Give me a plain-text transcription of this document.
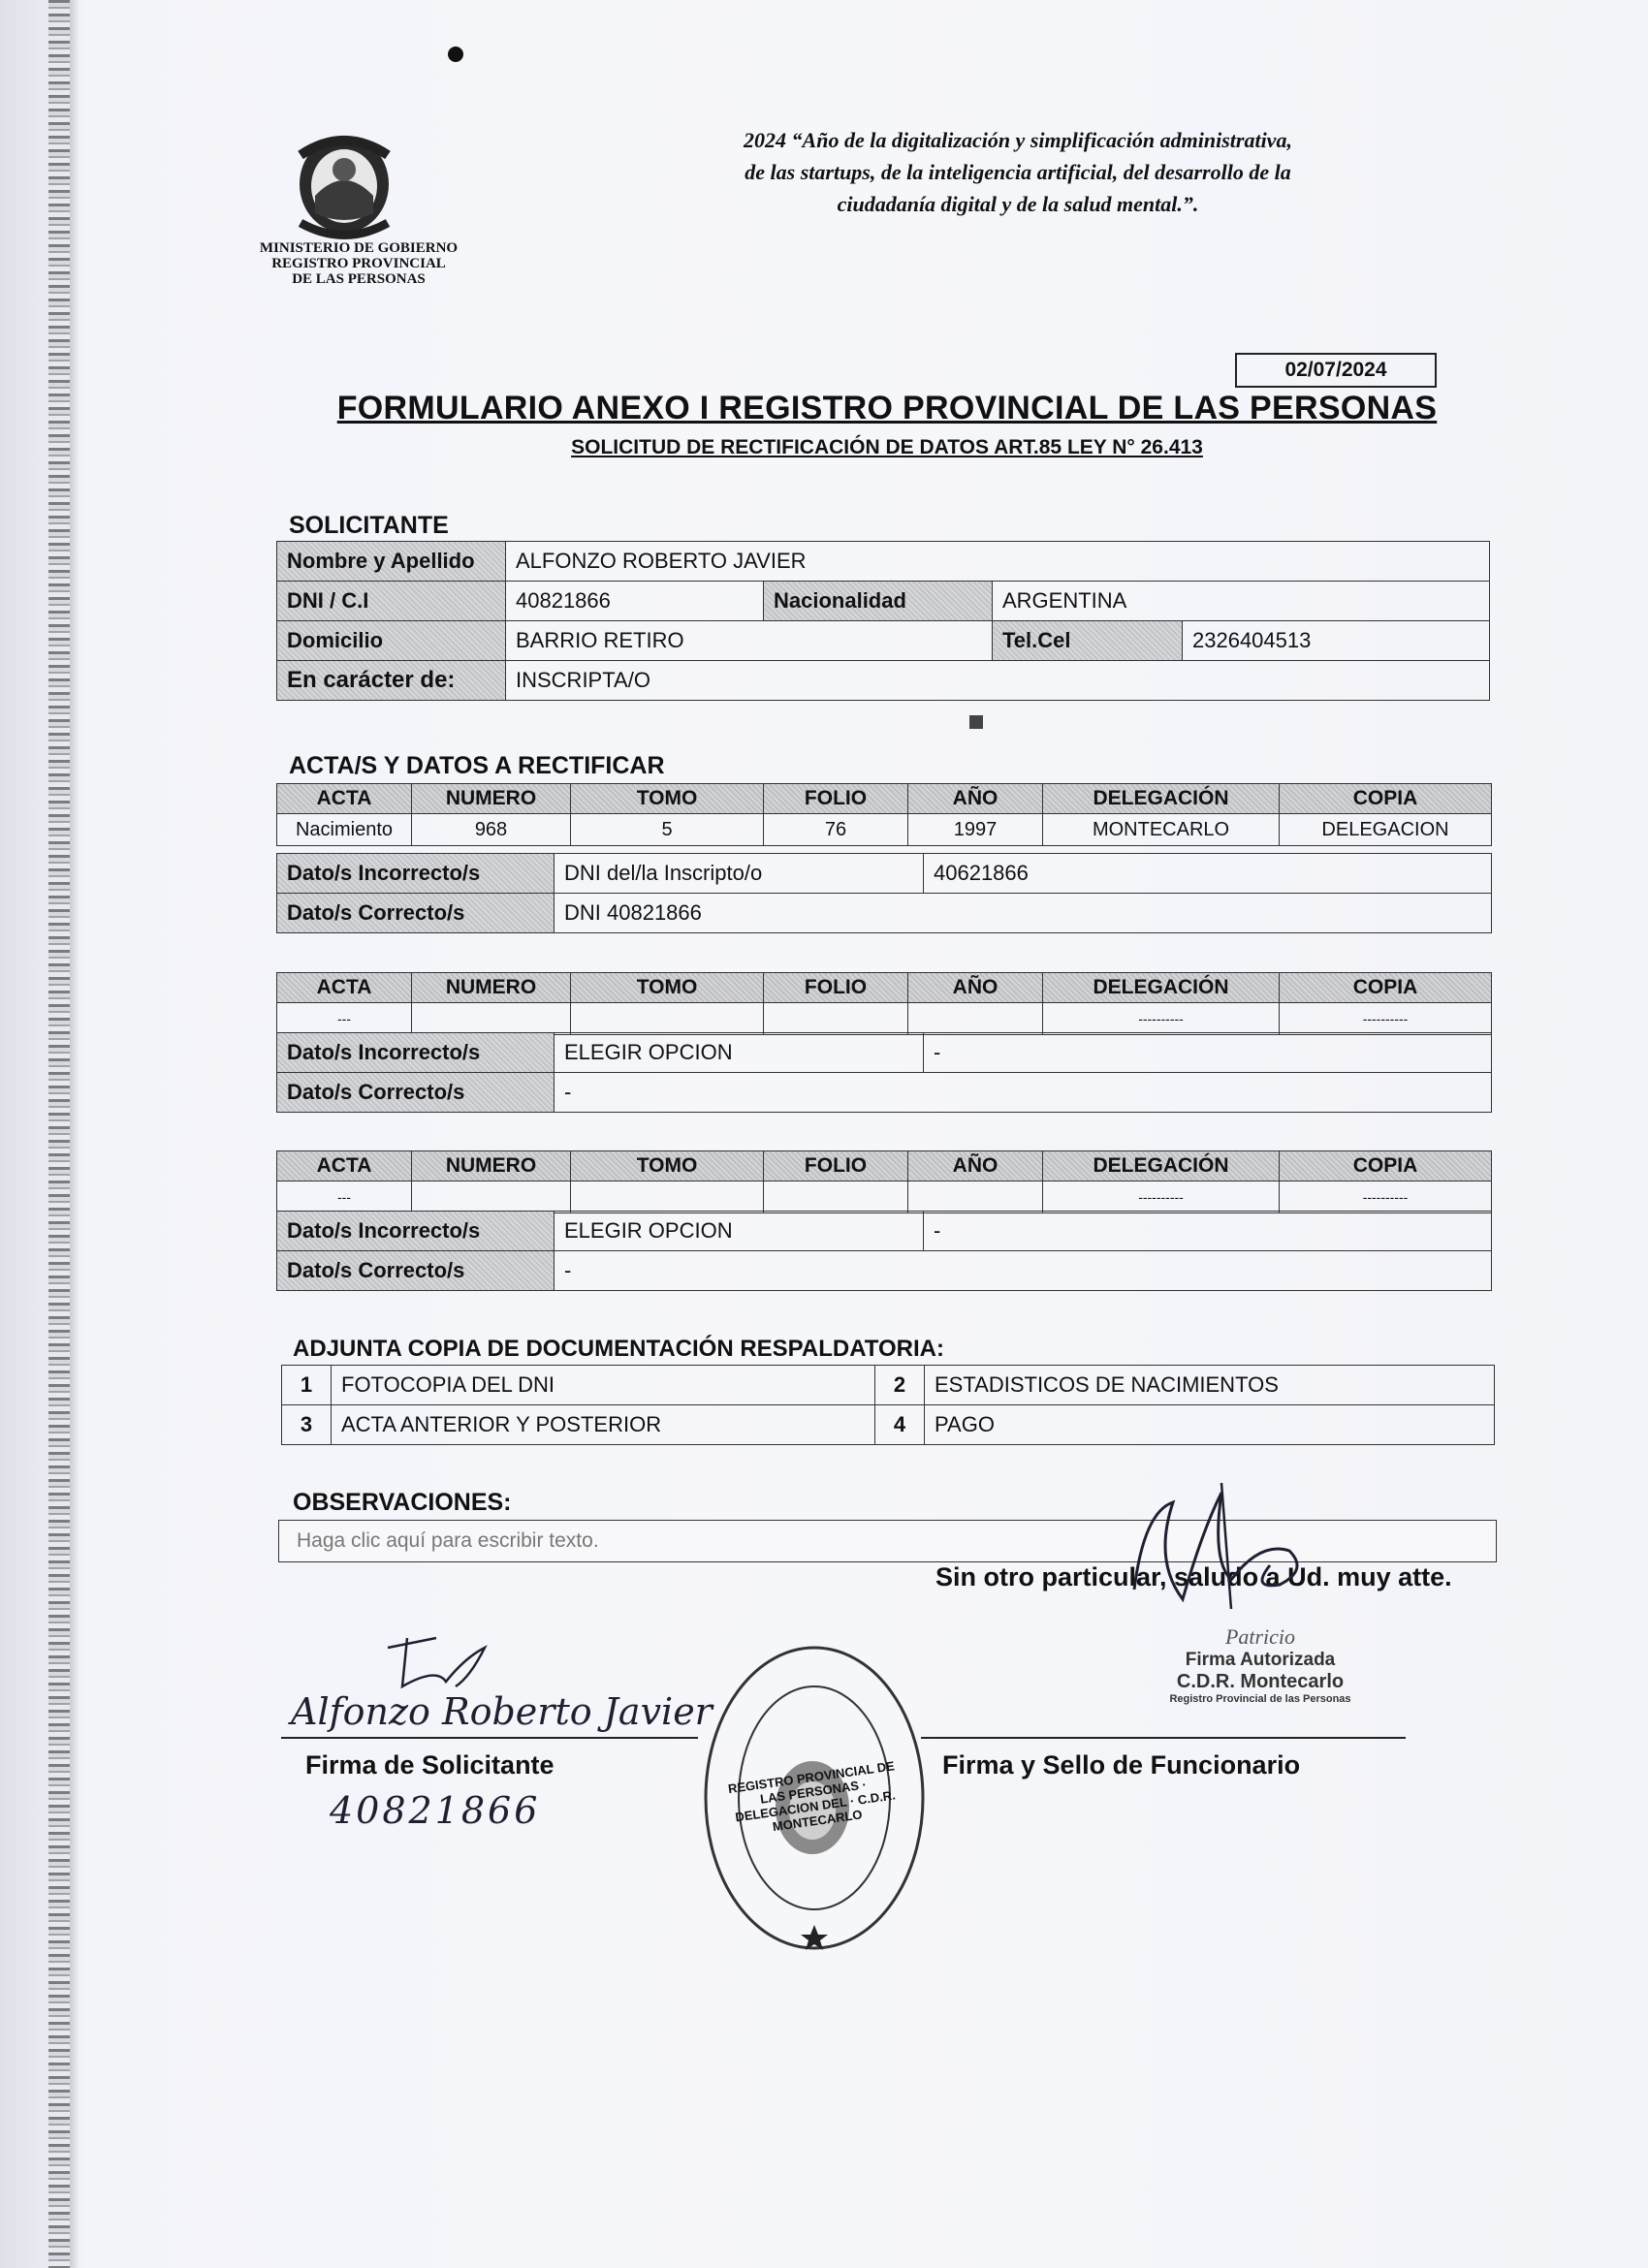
MINISTERIO DE GOBIERNO
REGISTRO PROVINCIAL
DE LAS PERSONAS
2024 “Año de la digitalización y simplificación administrativa,
de las startups, de la inteligencia artificial, del desarrollo de la
ciudadanía digital y de la salud mental.”.
02/07/2024
FORMULARIO ANEXO I REGISTRO PROVINCIAL DE LAS PERSONAS
SOLICITUD DE RECTIFICACIÓN DE DATOS ART.85 LEY N° 26.413
SOLICITANTE
Nombre y Apellido	ALFONZO ROBERTO JAVIER			
DNI / C.I	40821866	Nacionalidad	ARGENTINA	
Domicilio	BARRIO RETIRO		Tel.Cel	2326404513
En carácter de:	INSCRIPTA/O			
ACTA/S Y DATOS A RECTIFICAR
ACTA	NUMERO	TOMO	FOLIO	AÑO	DELEGACIÓN	COPIA
Nacimiento	968	5	76	1997	MONTECARLO	DELEGACION
Dato/s Incorrecto/s	DNI del/la Inscripto/o	40621866
Dato/s Correcto/s	DNI 40821866	
ACTA	NUMERO	TOMO	FOLIO	AÑO	DELEGACIÓN	COPIA
---					----------	----------
Dato/s Incorrecto/s	ELEGIR OPCION	-
Dato/s Correcto/s	-	
ACTA	NUMERO	TOMO	FOLIO	AÑO	DELEGACIÓN	COPIA
---					----------	----------
Dato/s Incorrecto/s	ELEGIR OPCION	-
Dato/s Correcto/s	-	
ADJUNTA COPIA DE DOCUMENTACIÓN RESPALDATORIA:
1	FOTOCOPIA DEL DNI	2	ESTADISTICOS DE NACIMIENTOS
3	ACTA ANTERIOR Y POSTERIOR	4	PAGO
OBSERVACIONES:
Haga clic aquí para escribir texto.
Sin otro particular, saludo a Ud. muy atte.
Alfonzo Roberto Javier
Firma de Solicitante
40821866
REGISTRO PROVINCIAL DE LAS PERSONAS · DELEGACION DEL · C.D.R. MONTECARLO
Patricio
Firma Autorizada
C.D.R. Montecarlo
Registro Provincial de las Personas
Firma y Sello de Funcionario
